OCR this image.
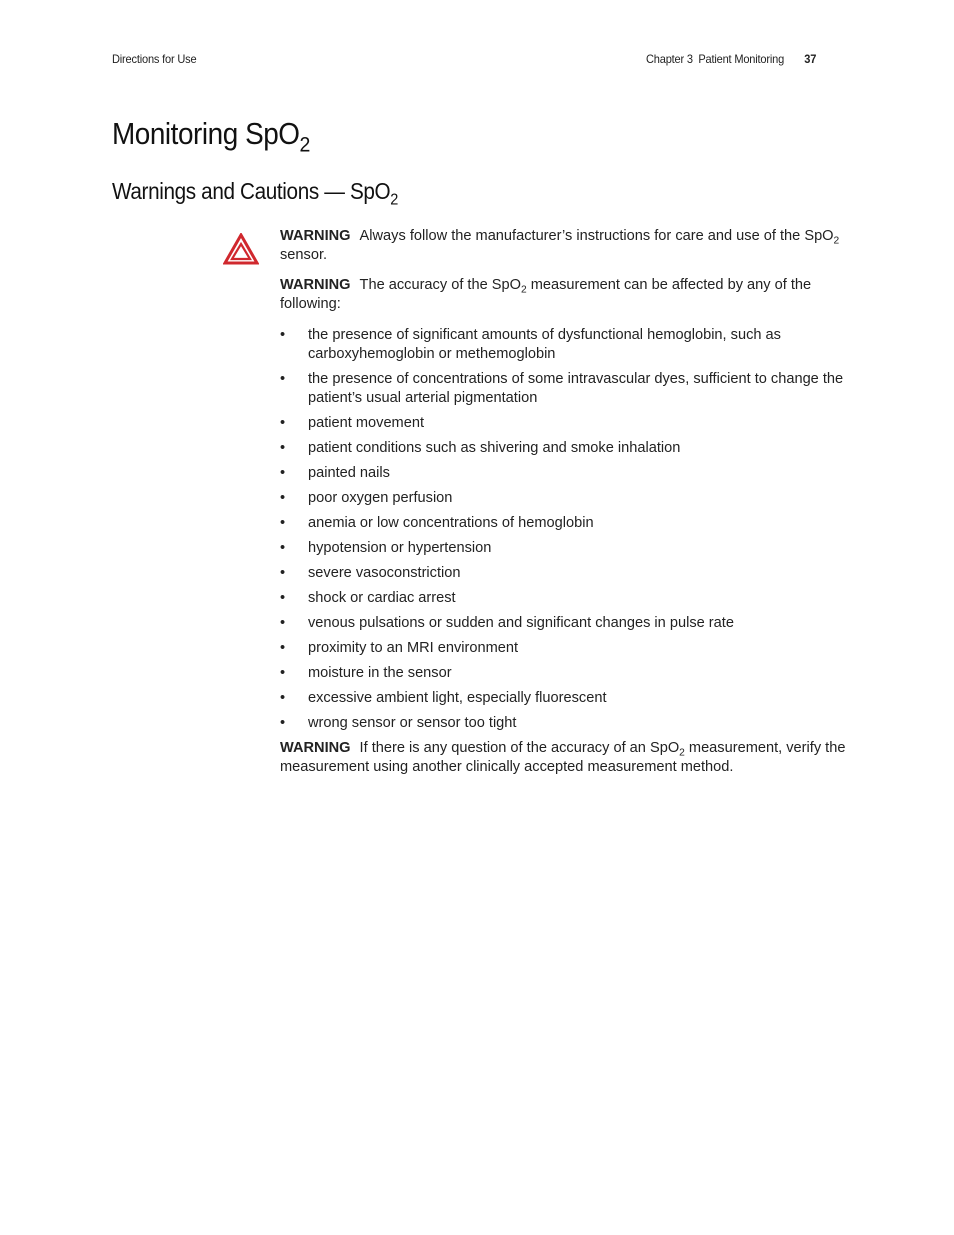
Directions for Use	Chapter 3 Patient Monitoring 37
Monitoring SpO$_2$
Warnings and Cautions — SpO$_2$

WARNING Always follow the manufacturer’s instructions for care and use of the SpO$_2$ sensor.

WARNING The accuracy of the SpO$_2$ measurement can be affected by any of the following:

• the presence of significant amounts of dysfunctional hemoglobin, such as carboxyhemoglobin or methemoglobin
• the presence of concentrations of some intravascular dyes, sufficient to change the patient’s usual arterial pigmentation
• patient movement
• patient conditions such as shivering and smoke inhalation
• painted nails
• poor oxygen perfusion
• anemia or low concentrations of hemoglobin
• hypotension or hypertension
• severe vasoconstriction
• shock or cardiac arrest
• venous pulsations or sudden and significant changes in pulse rate
• proximity to an MRI environment
• moisture in the sensor
• excessive ambient light, especially fluorescent
• wrong sensor or sensor too tight

WARNING If there is any question of the accuracy of an SpO$_2$ measurement, verify the measurement using another clinically accepted measurement method.
